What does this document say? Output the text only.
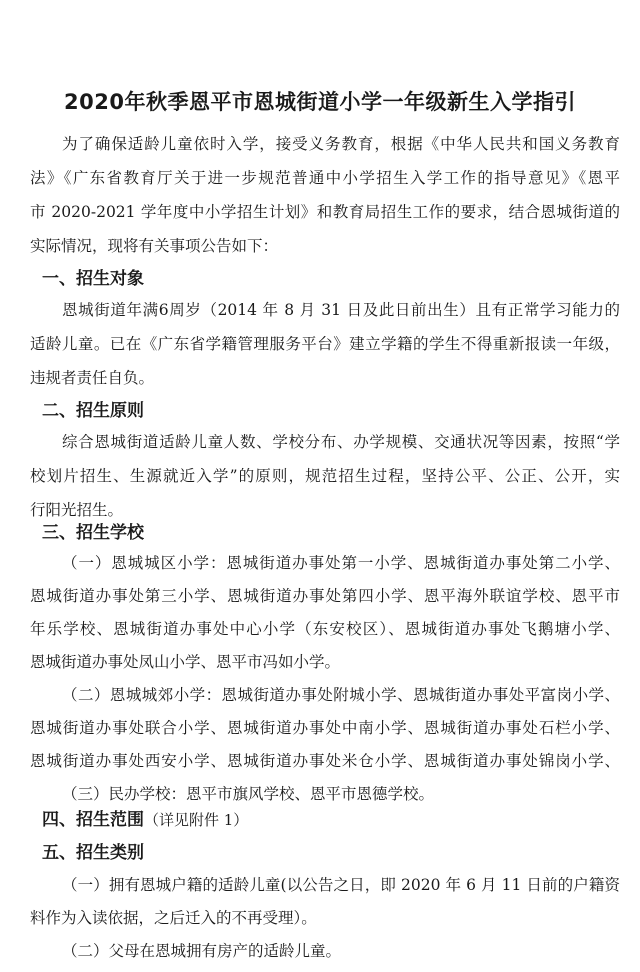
2020年秋季恩平市恩城街道小学一年级新生入学指引
为了确保适龄儿童依时入学，接受义务教育，根据《中华人民共和国义务教育
法》《广东省教育厅关于进一步规范普通中小学招生入学工作的指导意见》《恩平
市 2020-2021 学年度中小学招生计划》和教育局招生工作的要求，结合恩城街道的
实际情况，现将有关事项公告如下：
一、招生对象
恩城街道年满6周岁（2014 年 8 月 31 日及此日前出生）且有正常学习能力的
适龄儿童。已在《广东省学籍管理服务平台》建立学籍的学生不得重新报读一年级，
违规者责任自负。
二、招生原则
综合恩城街道适龄儿童人数、学校分布、办学规模、交通状况等因素，按照“学
校划片招生、生源就近入学”的原则，规范招生过程，坚持公平、公正、公开，实
行阳光招生。
三、招生学校
（一）恩城城区小学：恩城街道办事处第一小学、恩城街道办事处第二小学、
恩城街道办事处第三小学、恩城街道办事处第四小学、恩平海外联谊学校、恩平市
年乐学校、恩城街道办事处中心小学（东安校区）、恩城街道办事处飞鹅塘小学、
恩城街道办事处凤山小学、恩平市冯如小学。
（二）恩城城郊小学：恩城街道办事处附城小学、恩城街道办事处平富岗小学、
恩城街道办事处联合小学、恩城街道办事处中南小学、恩城街道办事处石栏小学、
恩城街道办事处西安小学、恩城街道办事处米仓小学、恩城街道办事处锦岗小学、
（三）民办学校：恩平市旗风学校、恩平市恩德学校。
四、招生范围（详见附件 1）
五、招生类别
（一）拥有恩城户籍的适龄儿童(以公告之日，即 2020 年 6 月 11 日前的户籍资
料作为入读依据，之后迁入的不再受理）。
（二）父母在恩城拥有房产的适龄儿童。
